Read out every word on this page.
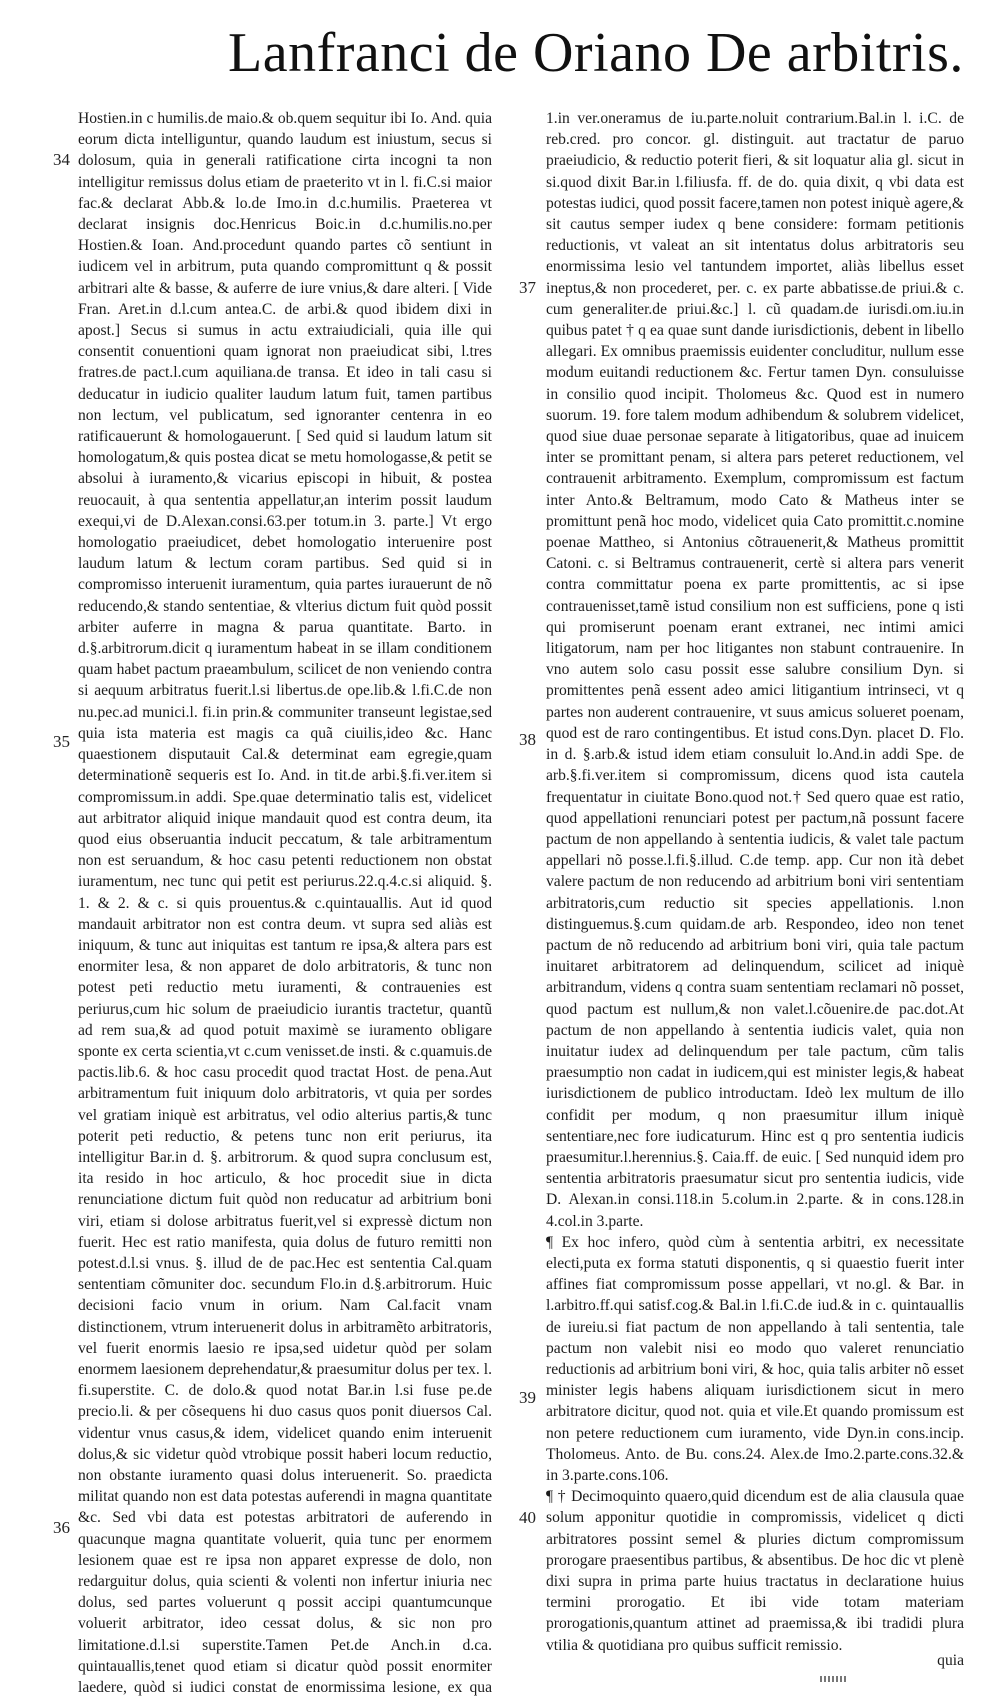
Lanfranci de Oriano De arbitris.
34
35
36
37
38
39
40

Hostien.in c humilis.de maio.& ob.quem sequitur ibi Io. And. quia eorum dicta intelliguntur, quando laudum est iniustum, secus si dolosum, quia in generali ratificatione cirta incogni ta non intelligitur remissus dolus etiam de praeterito vt in l. fi.C.si maior fac.& declarat Abb.& lo.de Imo.in d.c.humilis. Praeterea vt declarat insignis doc.Henricus Boic.in d.c.humilis.no.per Hostien.& Ioan. And.procedunt quando partes cõ sentiunt in iudicem vel in arbitrum, puta quando compromittunt q & possit arbitrari alte & basse, & auferre de iure vnius,& dare alteri. [ Vide Fran. Aret.in d.l.cum antea.C. de arbi.& quod ibidem dixi in apost.] Secus si sumus in actu extraiudiciali, quia ille qui consentit conuentioni quam ignorat non praeiudicat sibi, l.tres fratres.de pact.l.cum aquiliana.de transa. Et ideo in tali casu si deducatur in iudicio qualiter laudum latum fuit, tamen partibus non lectum, vel publicatum, sed ignoranter centenra in eo ratificauerunt & homologauerunt. [ Sed quid si laudum latum sit homologatum,& quis postea dicat se metu homologasse,& petit se absolui à iuramento,& vicarius episcopi in hibuit, & postea reuocauit, à qua sententia appellatur,an interim possit laudum exequi,vi de D.Alexan.consi.63.per totum.in 3. parte.] Vt ergo homologatio praeiudicet, debet homologatio interuenire post laudum latum & lectum coram partibus. Sed quid si in compromisso interuenit iuramentum, quia partes iurauerunt de nõ reducendo,& stando sententiae, & vlterius dictum fuit quòd possit arbiter auferre in magna & parua quantitate. Barto. in d.§.arbitrorum.dicit q iuramentum habeat in se illam conditionem quam habet pactum praeambulum, scilicet de non veniendo contra si aequum arbitratus fuerit.l.si libertus.de ope.lib.& l.fi.C.de non nu.pec.ad munici.l. fi.in prin.& communiter transeunt legistae,sed quia ista materia est magis ca quã ciuilis,ideo &c. Hanc quaestionem disputauit Cal.& determinat eam egregie,quam determinationẽ sequeris est Io. And. in tit.de arbi.§.fi.ver.item si compromissum.in addi. Spe.quae determinatio talis est, videlicet aut arbitrator aliquid inique mandauit quod est contra deum, ita quod eius obseruantia inducit peccatum, & tale arbitramentum non est seruandum, & hoc casu petenti reductionem non obstat iuramentum, nec tunc qui petit est periurus.22.q.4.c.si aliquid. §. 1. & 2. & c. si quis prouentus.& c.quintauallis. Aut id quod mandauit arbitrator non est contra deum. vt supra sed aliàs est iniquum, & tunc aut iniquitas est tantum re ipsa,& altera pars est enormiter lesa, & non apparet de dolo arbitratoris, & tunc non potest peti reductio metu iuramenti, & contrauenies est periurus,cum hic solum de praeiudicio iurantis tractetur, quantũ ad rem sua,& ad quod potuit maximè se iuramento obligare sponte ex certa scientia,vt c.cum venisset.de insti. & c.quamuis.de pactis.lib.6. & hoc casu procedit quod tractat Host. de pena.Aut arbitramentum fuit iniquum dolo arbitratoris, vt quia per sordes vel gratiam iniquè est arbitratus, vel odio alterius partis,& tunc poterit peti reductio, & petens tunc non erit periurus, ita intelligitur Bar.in d. §. arbitrorum. & quod supra conclusum est, ita resido in hoc articulo, & hoc procedit siue in dicta renunciatione dictum fuit quòd non reducatur ad arbitrium boni viri, etiam si dolose arbitratus fuerit,vel si expressè dictum non fuerit. Hec est ratio manifesta, quia dolus de futuro remitti non potest.d.l.si vnus. §. illud de de pac.Hec est sententia Cal.quam sententiam cõmuniter doc. secundum Flo.in d.§.arbitrorum. Huic decisioni facio vnum in orium. Nam Cal.facit vnam distinctionem, vtrum interuenerit dolus in arbitramẽto arbitratoris, vel fuerit enormis laesio re ipsa,sed uidetur quòd per solam enormem laesionem deprehendatur,& praesumitur dolus per tex. l. fi.superstite. C. de dolo.& quod notat Bar.in l.si fuse pe.de precio.li. & per cõsequens hi duo casus quos ponit diuersos Cal. videntur vnus casus,& idem, videlicet quando enim interuenit dolus,& sic videtur quòd vtrobique possit haberi locum reductio, non obstante iuramento quasi dolus interuenerit. So. praedicta militat quando non est data potestas auferendi in magna quantitate &c. Sed vbi data est potestas arbitratori de auferendo in quacunque magna quantitate voluerit, quia tunc per enormem lesionem quae est re ipsa non apparet expresse de dolo, non redarguitur dolus, quia scienti & volenti non infertur iniuria nec dolus, sed partes voluerunt q possit accipi quantumcunque voluerit arbitrator, ideo cessat dolus, & sic non pro limitatione.d.l.si superstite.Tamen Pet.de Anch.in d.ca. quintauallis,tenet quod etiam si dicatur quòd possit enormiter laedere, quòd si iudici constat de enormissima lesione, ex qua

1.in ver.oneramus de iu.parte.noluit contrarium.Bal.in l. i.C. de reb.cred. pro concor. gl. distinguit. aut tractatur de paruo praeiudicio, & reductio poterit fieri, & sit loquatur alia gl. sicut in si.quod dixit Bar.in l.filiusfa. ff. de do. quia dixit, q vbi data est potestas iudici, quod possit facere,tamen non potest iniquè agere,& sit cautus semper iudex q bene considere: formam petitionis reductionis, vt valeat an sit intentatus dolus arbitratoris seu enormissima lesio vel tantundem importet, aliàs libellus esset ineptus,& non procederet, per. c. ex parte abbatisse.de priui.& c. cum generaliter.de priui.&c.] l. cũ quadam.de iurisdi.om.iu.in quibus patet † q ea quae sunt dande iurisdictionis, debent in libello allegari. Ex omnibus praemissis euidenter concluditur, nullum esse modum euitandi reductionem &c. Fertur tamen Dyn. consuluisse in consilio quod incipit. Tholomeus &c. Quod est in numero suorum. 19. fore talem modum adhibendum & solubrem videlicet, quod siue duae personae separate à litigatoribus, quae ad inuicem inter se promittant penam, si altera pars peteret reductionem, vel contrauenit arbitramento. Exemplum, compromissum est factum inter Anto.& Beltramum, modo Cato & Matheus inter se promittunt penã hoc modo, videlicet quia Cato promittit.c.nomine poenae Mattheo, si Antonius cõtrauenerit,& Matheus promittit Catoni. c. si Beltramus contrauenerit, certè si altera pars venerit contra committatur poena ex parte promittentis, ac si ipse contrauenisset,tamẽ istud consilium non est sufficiens, pone q isti qui promiserunt poenam erant extranei, nec intimi amici litigatorum, nam per hoc litigantes non stabunt contrauenire. In vno autem solo casu possit esse salubre consilium Dyn. si promittentes penã essent adeo amici litigantium intrinseci, vt q partes non auderent contrauenire, vt suus amicus solueret poenam, quod est de raro contingentibus. Et istud cons.Dyn. placet D. Flo. in d. §.arb.& istud idem etiam consuluit lo.And.in addi Spe. de arb.§.fi.ver.item si compromissum, dicens quod ista cautela frequentatur in ciuitate Bono.quod not.† Sed quero quae est ratio, quod appellationi renunciari potest per pactum,nã possunt facere pactum de non appellando à sententia iudicis, & valet tale pactum appellari nõ posse.l.fi.§.illud. C.de temp. app. Cur non ità debet valere pactum de non reducendo ad arbitrium boni viri sententiam arbitratoris,cum reductio sit species appellationis. l.non distinguemus.§.cum quidam.de arb. Respondeo, ideo non tenet pactum de nõ reducendo ad arbitrium boni viri, quia tale pactum inuitaret arbitratorem ad delinquendum, scilicet ad iniquè arbitrandum, videns q contra suam sententiam reclamari nõ posset, quod pactum est nullum,& non valet.l.cõuenire.de pac.dot.At pactum de non appellando à sententia iudicis valet, quia non inuitatur iudex ad delinquendum per tale pactum, cũm talis praesumptio non cadat in iudicem,qui est minister legis,& habeat iurisdictionem de publico introductam. Ideò lex multum de illo confidit per modum, q non praesumitur illum iniquè sententiare,nec fore iudicaturum. Hinc est q pro sententia iudicis praesumitur.l.herennius.§. Caia.ff. de euic. [ Sed nunquid idem pro sententia arbitratoris praesumatur sicut pro sententia iudicis, vide D. Alexan.in consi.118.in 5.colum.in 2.parte. & in cons.128.in 4.col.in 3.parte.

¶ Ex hoc infero, quòd cùm à sententia arbitri, ex necessitate electi,puta ex forma statuti disponentis, q si quaestio fuerit inter affines fiat compromissum posse appellari, vt no.gl. & Bar. in l.arbitro.ff.qui satisf.cog.& Bal.in l.fi.C.de iud.& in c. quintauallis de iureiu.si fiat pactum de non appellando à tali sententia, tale pactum non valebit nisi eo modo quo valeret renunciatio reductionis ad arbitrium boni viri, & hoc, quia talis arbiter nõ esset minister legis habens aliquam iurisdictionem sicut in mero arbitratore dicitur, quod not. quia et vile.Et quando promissum est non petere reductionem cum iuramento, vide Dyn.in cons.incip. Tholomeus. Anto. de Bu. cons.24. Alex.de Imo.2.parte.cons.32.& in 3.parte.cons.106.

¶ † Decimoquinto quaero,quid dicendum est de alia clausula quae solum apponitur quotidie in compromissis, videlicet q dicti arbitratores possint semel & pluries dictum compromissum prorogare praesentibus partibus, & absentibus. De hoc dic vt plenè dixi supra in prima parte huius tractatus in declaratione huius termini prorogatio. Et ibi vide totam materiam prorogationis,quantum attinet ad praemissa,& ibi tradidi plura vtilia & quotidiana pro quibus sufficit remissio.

quia
